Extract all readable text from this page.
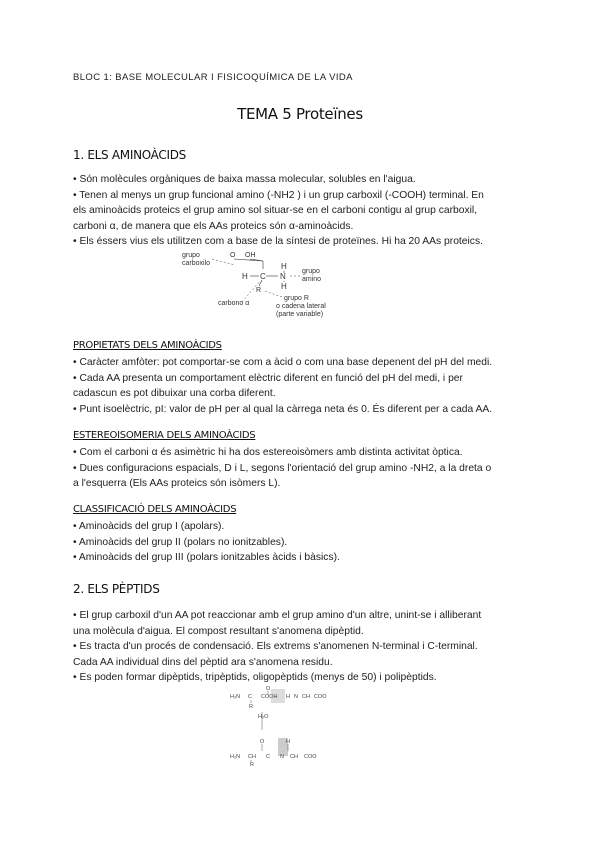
BLOC 1: BASE MOLECULAR I FISICOQUÍMICA DE LA VIDA
TEMA 5 Proteïnes
1. ELS AMINOÀCIDS
• Són molècules orgàniques de baixa massa molecular, solubles en l'aigua.
• Tenen al menys un grup funcional amino (-NH2 ) i un grup carboxil (-COOH) terminal. En
els aminoàcids proteics el grup amino sol situar-se en el carboni contigu al grup carboxil,
carboni α, de manera que els AAs proteics són α-aminoàcids.
• Els éssers vius els utilitzen com a base de la síntesi de proteïnes. Hi ha 20 AAs proteics.
grupo
carboxilo
O OH
H C N
H
H
R
grupo
amino
carbono α
grupo R
o cadena lateral
(parte variable)
PROPIETATS DELS AMINOÀCIDS
• Caràcter amfòter: pot comportar-se com a àcid o com una base depenent del pH del medi.
• Cada AA presenta un comportament elèctric diferent en funció del pH del medi, i per
cadascun es pot dibuixar una corba diferent.
• Punt isoelèctric, pI: valor de pH per al qual la càrrega neta és 0. És diferent per a cada AA.
ESTEREOISOMERIA DELS AMINOÀCIDS
• Com el carboni α és asimètric hi ha dos estereoisòmers amb distinta activitat òptica.
• Dues configuracions espacials, D i L, segons l'orientació del grup amino -NH2, a la dreta o
a l'esquerra (Els AAs proteics són isòmers L).
CLASSIFICACIÓ DELS AMINOÀCIDS
• Aminoàcids del grup I (apolars).
• Aminoàcids del grup II (polars no ionitzables).
• Aminoàcids del grup III (polars ionitzables àcids i bàsics).
2. ELS PÈPTIDS
• El grup carboxil d'un AA pot reaccionar amb el grup amino d'un altre, unint-se i alliberant
una molècula d'aigua. El compost resultant s'anomena dipèptid.
• Es tracta d'un procés de condensació. Els extrems s'anomenen N-terminal i C-terminal.
Cada AA individual dins del pèptid ara s'anomena residu.
• Es poden formar dipèptids, tripèptids, oligopèptids (menys de 50) i polipèptids.
H₂N C COOH H N CH COO
O
R
H₂O
O	H
H₂N CH C N CH COO
R
